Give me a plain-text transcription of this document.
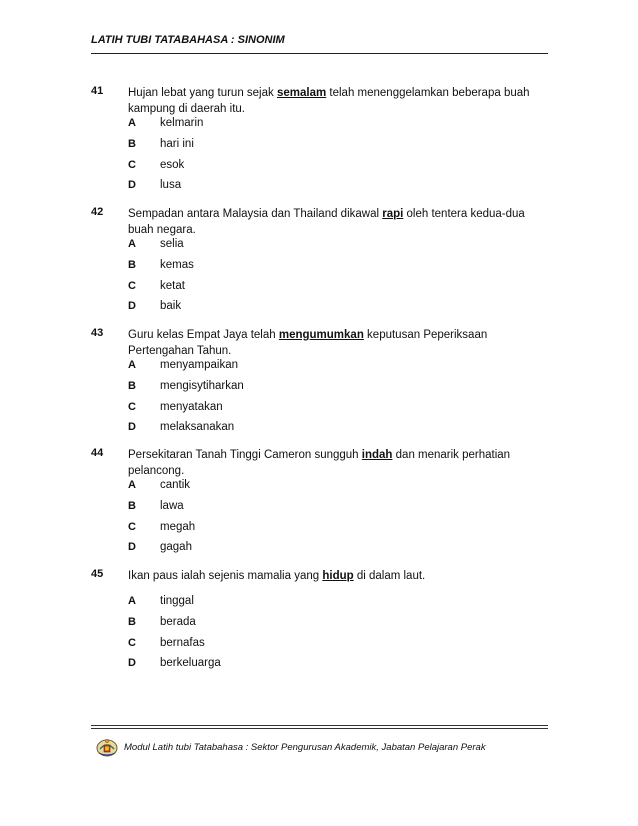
LATIH TUBI TATABAHASA : SINONIM
41 Hujan lebat yang turun sejak semalam telah menenggelamkan beberapa buah kampung di daerah itu.
A kelmarin
B hari ini
C esok
D lusa
42 Sempadan antara Malaysia dan Thailand dikawal rapi oleh tentera kedua-dua buah negara.
A selia
B kemas
C ketat
D baik
43 Guru kelas Empat Jaya telah mengumumkan keputusan Peperiksaan Pertengahan Tahun.
A menyampaikan
B mengisytiharkan
C menyatakan
D melaksanakan
44 Persekitaran Tanah Tinggi Cameron sungguh indah dan menarik perhatian pelancong.
A cantik
B lawa
C megah
D gagah
45 Ikan paus ialah sejenis mamalia yang hidup di dalam laut.
A tinggal
B berada
C bernafas
D berkeluarga
Modul Latih tubi Tatabahasa : Sektor Pengurusan Akademik, Jabatan Pelajaran Perak
